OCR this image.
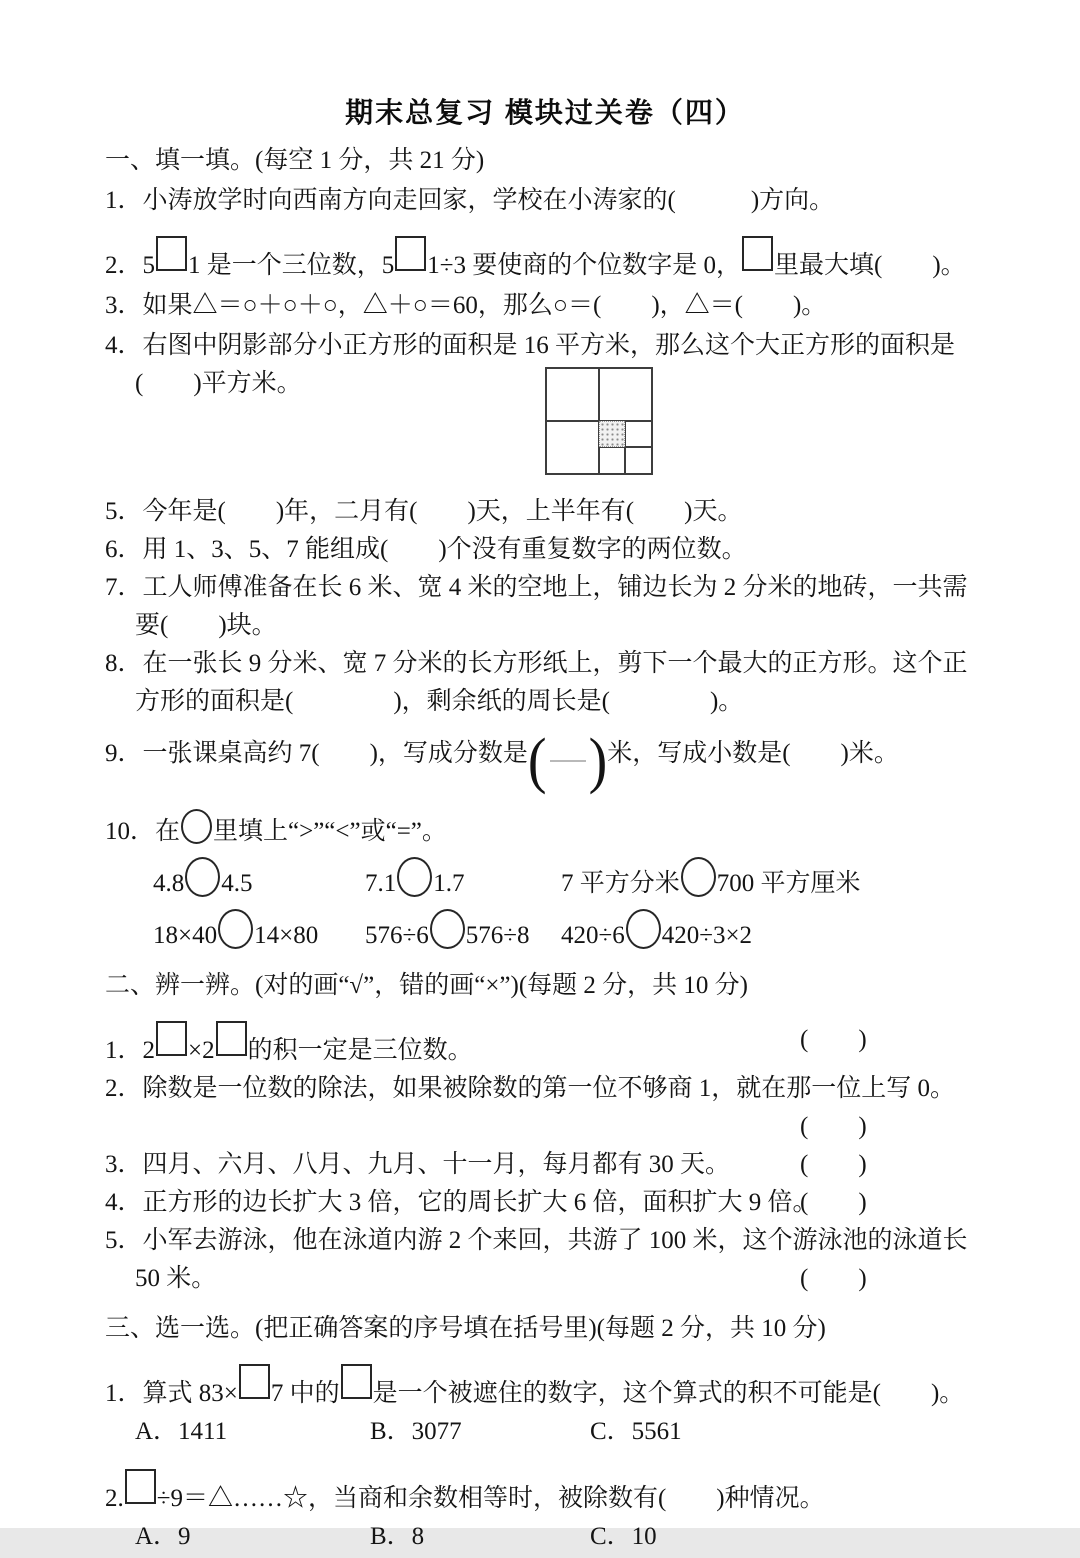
期末总复习 模块过关卷（四）
一、填一填。(每空 1 分，共 21 分)
1．小涛放学时向西南方向走回家，学校在小涛家的(　　　)方向。
2．5 1 是一个三位数，5 1÷3 要使商的个位数字是 0， 里最大填(　　)。
3．如果△＝○＋○＋○，△＋○＝60，那么○＝(　　)，△＝(　　)。
4．右图中阴影部分小正方形的面积是 16 平方米，那么这个大正方形的面积是
(　　)平方米。
5．今年是(　　)年，二月有(　　)天，上半年有(　　)天。
6．用 1、3、5、7 能组成(　　)个没有重复数字的两位数。
7．工人师傅准备在长 6 米、宽 4 米的空地上，铺边长为 2 分米的地砖，一共需
要(　　)块。
8．在一张长 9 分米、宽 7 分米的长方形纸上，剪下一个最大的正方形。这个正
方形的面积是(　　　　)，剩余纸的周长是(　　　　)。
9．一张课桌高约 7(　　)，写成分数是 ( ) 米，写成小数是(　　)米。
10．在 里填上“>”“<”或“=”。
4.8 4.5	7.1 1.7	7 平方分米 700 平方厘米
18×40 14×80	576÷6 576÷8	420÷6 420÷3×2
二、辨一辨。(对的画“√”，错的画“×”)(每题 2 分，共 10 分)
1．2 ×2 的积一定是三位数。	(　　)
2．除数是一位数的除法，如果被除数的第一位不够商 1，就在那一位上写 0。
(　　)

3．四月、六月、八月、九月、十一月，每月都有 30 天。	(　　)
4．正方形的边长扩大 3 倍，它的周长扩大 6 倍，面积扩大 9 倍。
(　　)
5．小军去游泳，他在泳道内游 2 个来回，共游了 100 米，这个游泳池的泳道长
50 米。	(　　)
三、选一选。(把正确答案的序号填在括号里)(每题 2 分，共 10 分)
1．算式 83× 7 中的 是一个被遮住的数字，这个算式的积不可能是(　　)。
A．1411	B．3077	C．5561
2. ÷9＝△……☆，当商和余数相等时，被除数有(　　)种情况。
A．9	B．8	C．10
